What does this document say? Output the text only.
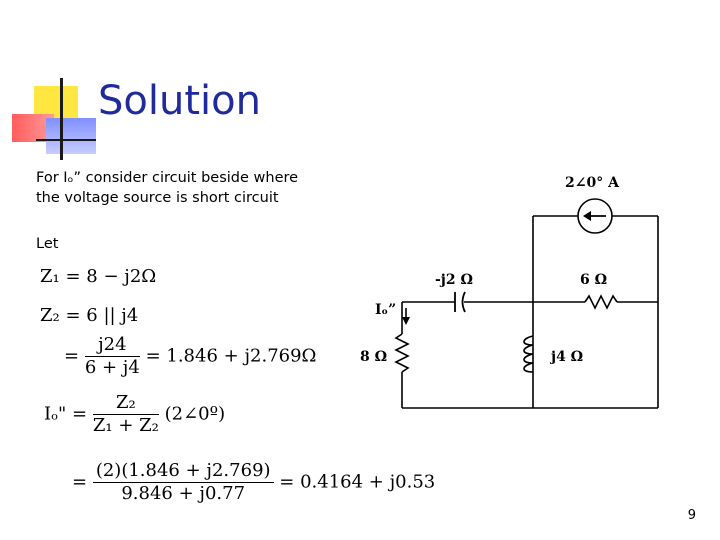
Solution
For Iₒ” consider circuit beside where
the voltage source is short circuit
Let
Z₁ = 8 − j2Ω
Z₂ = 6 || j4
= $\frac{j24}{6 + j4} = 1.846 + j2.769\Omega$
Iₒ" = $\frac{\text{Z₂}}{\text{Z₁ + Z₂}}$ (2∠0º)
= $\frac{(2)(1.846 + j2.769)}{9.846 + j0.77} = 0.4164 + j0.53$
2∠0° A
-j2 Ω	6 Ω
Iₒ”
8 Ω	j4 Ω
9
